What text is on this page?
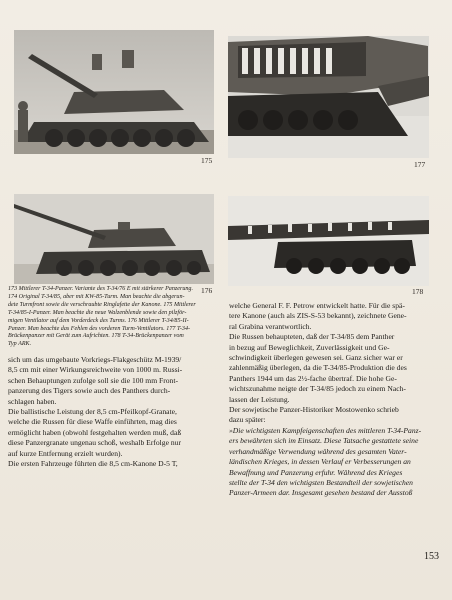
175	177
176	178
173 Mittlerer T-34-Panzer. Variante des T-34/76 E mit stärkerer Panzerung.
174 Original T-34/85, aber mit KW-85-Turm. Man beachte die abgerun-
dete Turmfront sowie die verschraubte Ringlafette der Kanone. 175 Mittlerer
T-34/85-I-Panzer. Man beachte die neue Walzenblende sowie den pilzför-
migen Ventilator auf dem Vorderdeck des Turms. 176 Mittlerer T-34/85-II-
Panzer. Man beachte das Fehlen des vorderen Turm-Ventilators. 177 T-34-
Brückenpanzer mit Gerät zum Aufrichten. 178 T-34-Brückenpanzer vom
Typ ARK.

sich um das umgebaute Vorkriegs-Flakgeschütz M-1939/

8,5 cm mit einer Wirkungsreichweite von 1000 m. Russi-

schen Behauptungen zufolge soll sie die 100 mm Front-

panzerung des Tigers sowie auch des Panthers durch-

schlagen haben.

Die ballistische Leistung der 8,5 cm-Pfeilkopf-Granate,

welche die Russen für diese Waffe einführten, mag dies

ermöglicht haben (obwohl festgehalten werden muß, daß

diese Panzergranate ungenau schoß, weshalb Erfolge nur

auf kurze Entfernung erzielt wurden).

Die ersten Fahrzeuge führten die 8,5 cm-Kanone D-5 T,

welche General F. F. Petrow entwickelt hatte. Für die spä-

tere Kanone (auch als ZIS-S-53 bekannt), zeichnete Gene-

ral Grabina verantwortlich.

Die Russen behaupteten, daß der T-34/85 dem Panther

in bezug auf Beweglichkeit, Zuverlässigkeit und Ge-

schwindigkeit überlegen gewesen sei. Ganz sicher war er

zahlenmäßig überlegen, da die T-34/85-Produktion die des

Panthers 1944 um das 2½-fache übertraf. Die hohe Ge-

wichtszunahme neigte der T-34/85 jedoch zu einem Nach-

lassen der Leistung.

Der sowjetische Panzer-Historiker Mostowenko schrieb

dazu später:

»Die wichtigsten Kampfeigenschaften des mittleren T-34-Panz-

ers bewährten sich im Einsatz. Diese Tatsache gestattete seine

verhandmäßige Verwendung während des gesamten Vater-

ländischen Krieges, in dessen Verlauf er Verbesserungen an

Bewaffnung und Panzerung erfuhr. Während des Krieges

stellte der T-34 den wichtigsten Bestandteil der sowjetischen

Panzer-Armeen dar. Insgesamt gesehen bestand der Ausstoß

153
